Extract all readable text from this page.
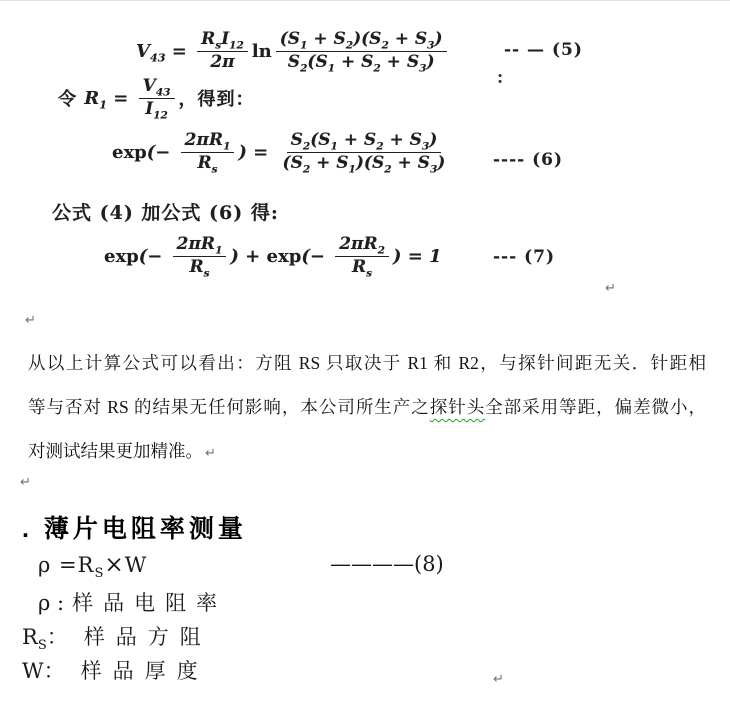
$V_{43} = \frac{R_sI_{12}}{2\pi}$ $\ln \frac{(S_1 + S_2)(S_2 + S_3)}{S_2(S_1 + S_2 + S_3)}$	-- — (5)
:
令 $R_1 = \frac{V_{43}}{I_{12}}$ ，得到：
exp (− $\frac{2\pi R_1}{R_s}$ ) = $\frac{S_2(S_1 + S_2 + S_3)}{(S_2 + S_1)(S_2 + S_3)}$	---- (6)
公式 (4) 加公式 (6) 得:
exp (− $\frac{2\pi R_1}{R_s}$ ) + exp (− $\frac{2\pi R_2}{R_s}$ ) = 1	--- (7)
↵
↵
从以上计算公式可以看出：方阻 RS 只取决于 R1 和 R2，与探针间距无关．针距相
等与否对 RS 的结果无任何影响，本公司所生产之探针头全部采用等距，偏差微小，
对测试结果更加精准。 ↵
↵
. 薄片电阻率测量
$\rho =R_S\times W$	————(8)
ρ : 样品电阻率
$R_S$： 样品方阻
W： 样品厚度	↵
